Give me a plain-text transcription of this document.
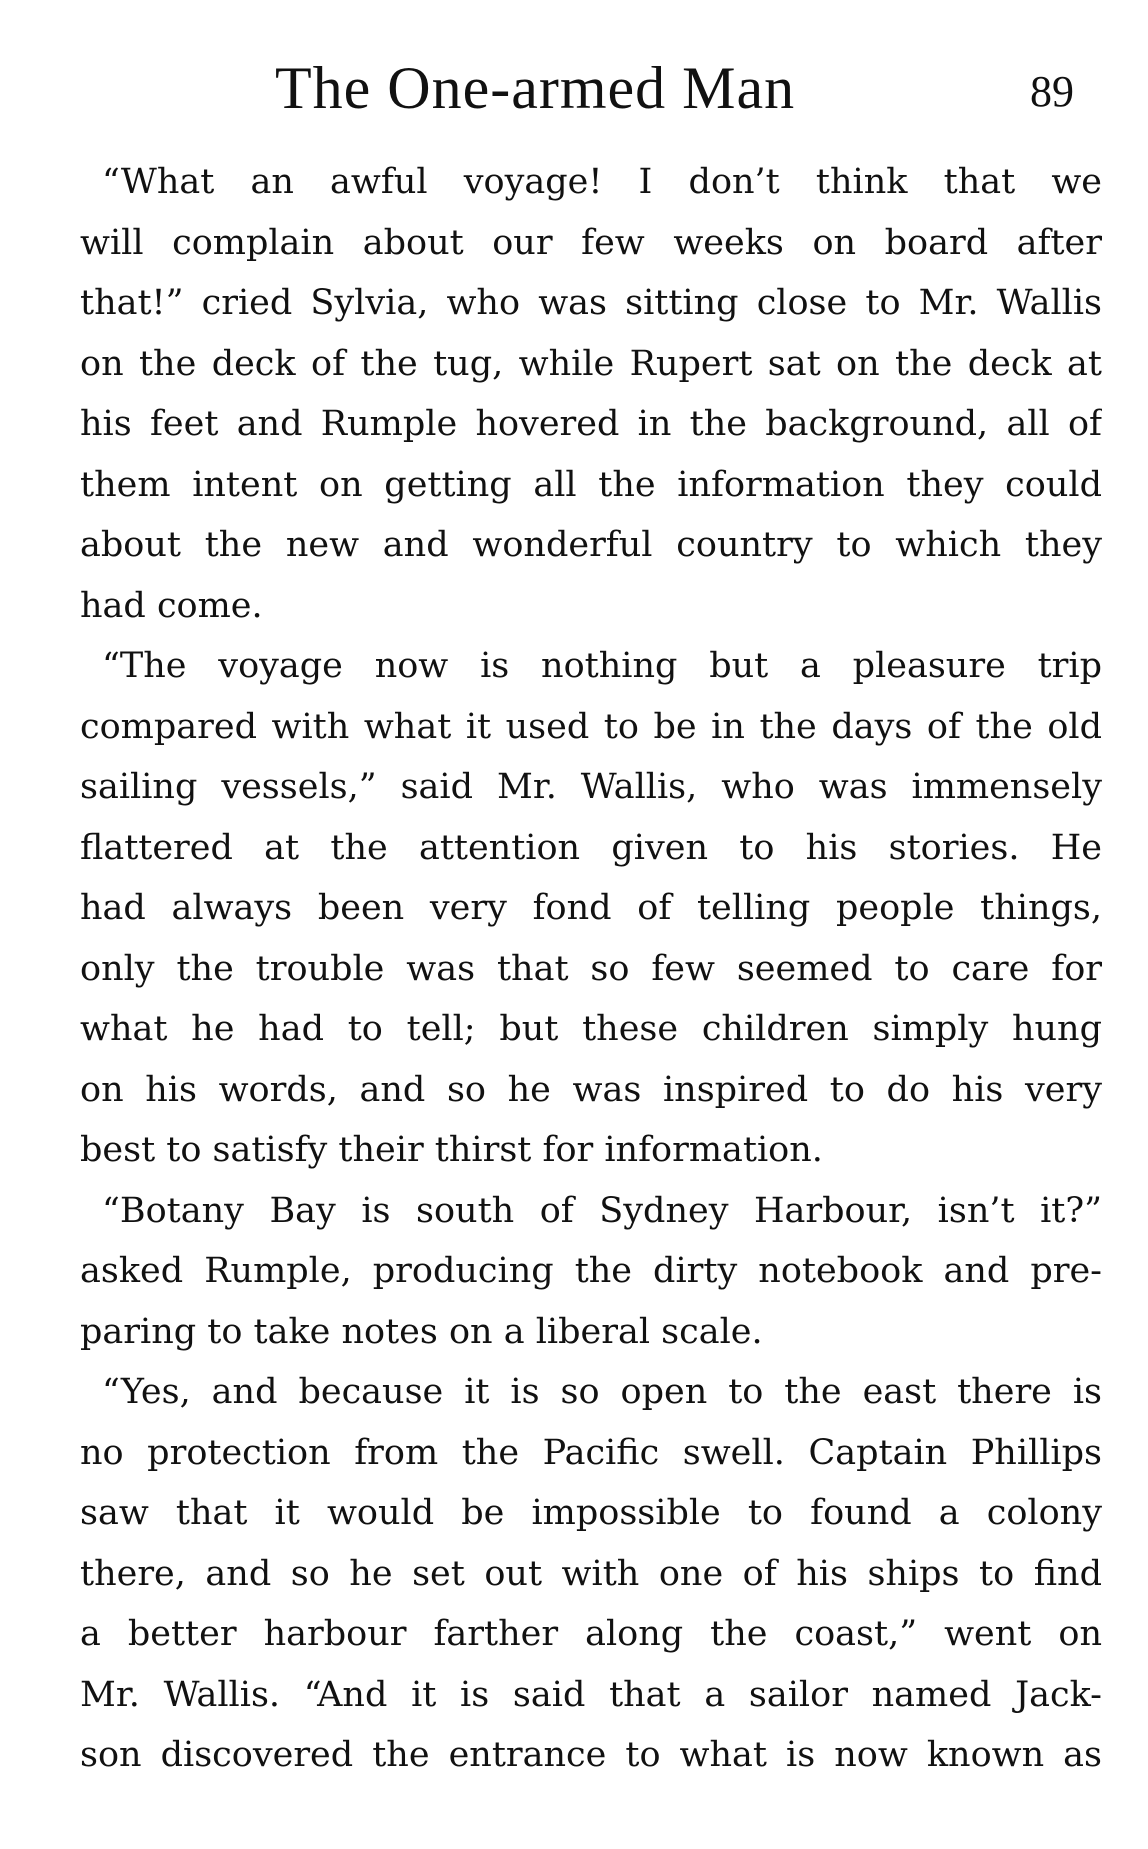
The One-armed Man	89
“What an awful voyage! I don’t think that we
will complain about our few weeks on board after
that!” cried Sylvia, who was sitting close to Mr. Wallis
on the deck of the tug, while Rupert sat on the deck at
his feet and Rumple hovered in the background, all of
them intent on getting all the information they could
about the new and wonderful country to which they
had come.
“The voyage now is nothing but a pleasure trip
compared with what it used to be in the days of the old
sailing vessels,” said Mr. Wallis, who was immensely
flattered at the attention given to his stories. He
had always been very fond of telling people things,
only the trouble was that so few seemed to care for
what he had to tell; but these children simply hung
on his words, and so he was inspired to do his very
best to satisfy their thirst for information.
“Botany Bay is south of Sydney Harbour, isn’t it?”
asked Rumple, producing the dirty notebook and pre-
paring to take notes on a liberal scale.
“Yes, and because it is so open to the east there is
no protection from the Pacific swell. Captain Phillips
saw that it would be impossible to found a colony
there, and so he set out with one of his ships to find
a better harbour farther along the coast,” went on
Mr. Wallis. “And it is said that a sailor named Jack-
son discovered the entrance to what is now known as
